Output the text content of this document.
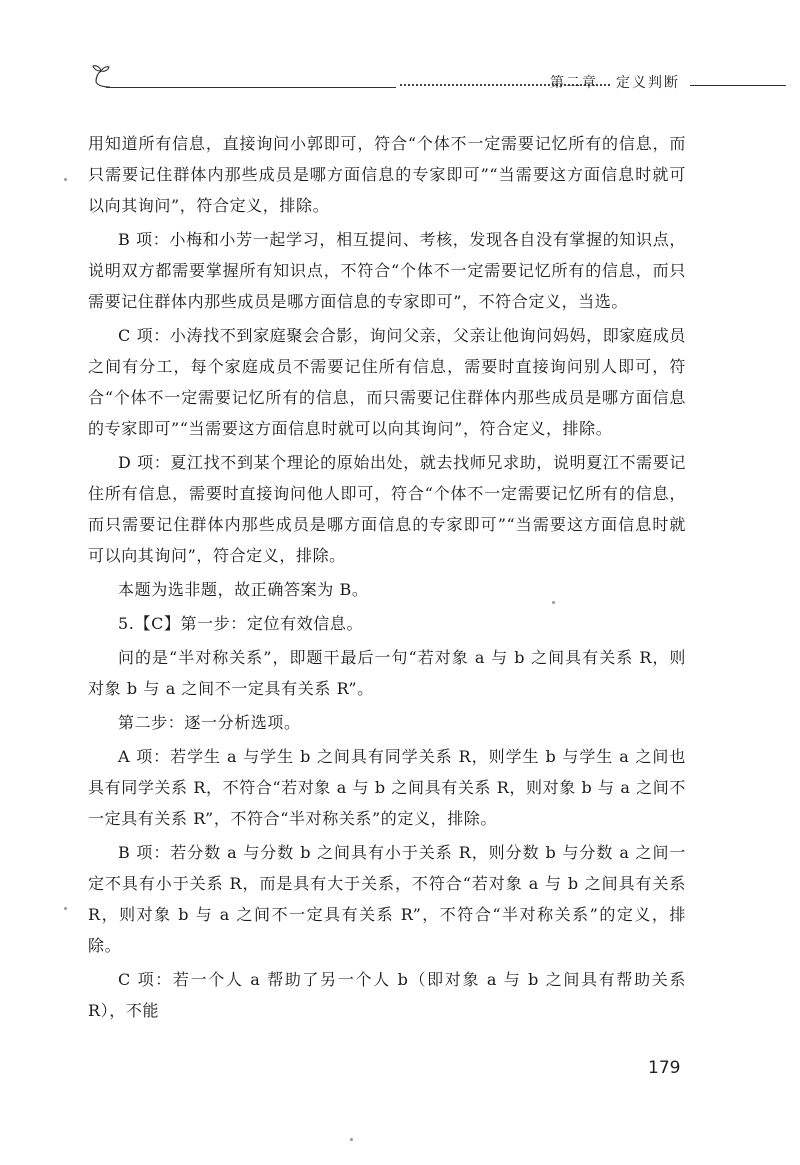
第二章 定义判断

用知道所有信息，直接询问小郭即可，符合“个体不一定需要记忆所有的信息，而只需要记住群体内那些成员是哪方面信息的专家即可”“当需要这方面信息时就可以向其询问”，符合定义，排除。

B 项：小梅和小芳一起学习，相互提问、考核，发现各自没有掌握的知识点，说明双方都需要掌握所有知识点，不符合“个体不一定需要记忆所有的信息，而只需要记住群体内那些成员是哪方面信息的专家即可”，不符合定义，当选。

C 项：小涛找不到家庭聚会合影，询问父亲，父亲让他询问妈妈，即家庭成员之间有分工，每个家庭成员不需要记住所有信息，需要时直接询问别人即可，符合“个体不一定需要记忆所有的信息，而只需要记住群体内那些成员是哪方面信息的专家即可”“当需要这方面信息时就可以向其询问”，符合定义，排除。

D 项：夏江找不到某个理论的原始出处，就去找师兄求助，说明夏江不需要记住所有信息，需要时直接询问他人即可，符合“个体不一定需要记忆所有的信息，而只需要记住群体内那些成员是哪方面信息的专家即可”“当需要这方面信息时就可以向其询问”，符合定义，排除。

本题为选非题，故正确答案为 B。

5.【C】第一步：定位有效信息。

问的是“半对称关系”，即题干最后一句“若对象 a 与 b 之间具有关系 R，则对象 b 与 a 之间不一定具有关系 R”。

第二步：逐一分析选项。

A 项：若学生 a 与学生 b 之间具有同学关系 R，则学生 b 与学生 a 之间也具有同学关系 R，不符合“若对象 a 与 b 之间具有关系 R，则对象 b 与 a 之间不一定具有关系 R”，不符合“半对称关系”的定义，排除。

B 项：若分数 a 与分数 b 之间具有小于关系 R，则分数 b 与分数 a 之间一定不具有小于关系 R，而是具有大于关系，不符合“若对象 a 与 b 之间具有关系 R，则对象 b 与 a 之间不一定具有关系 R”，不符合“半对称关系”的定义，排除。

C 项：若一个人 a 帮助了另一个人 b（即对象 a 与 b 之间具有帮助关系 R），不能

179
